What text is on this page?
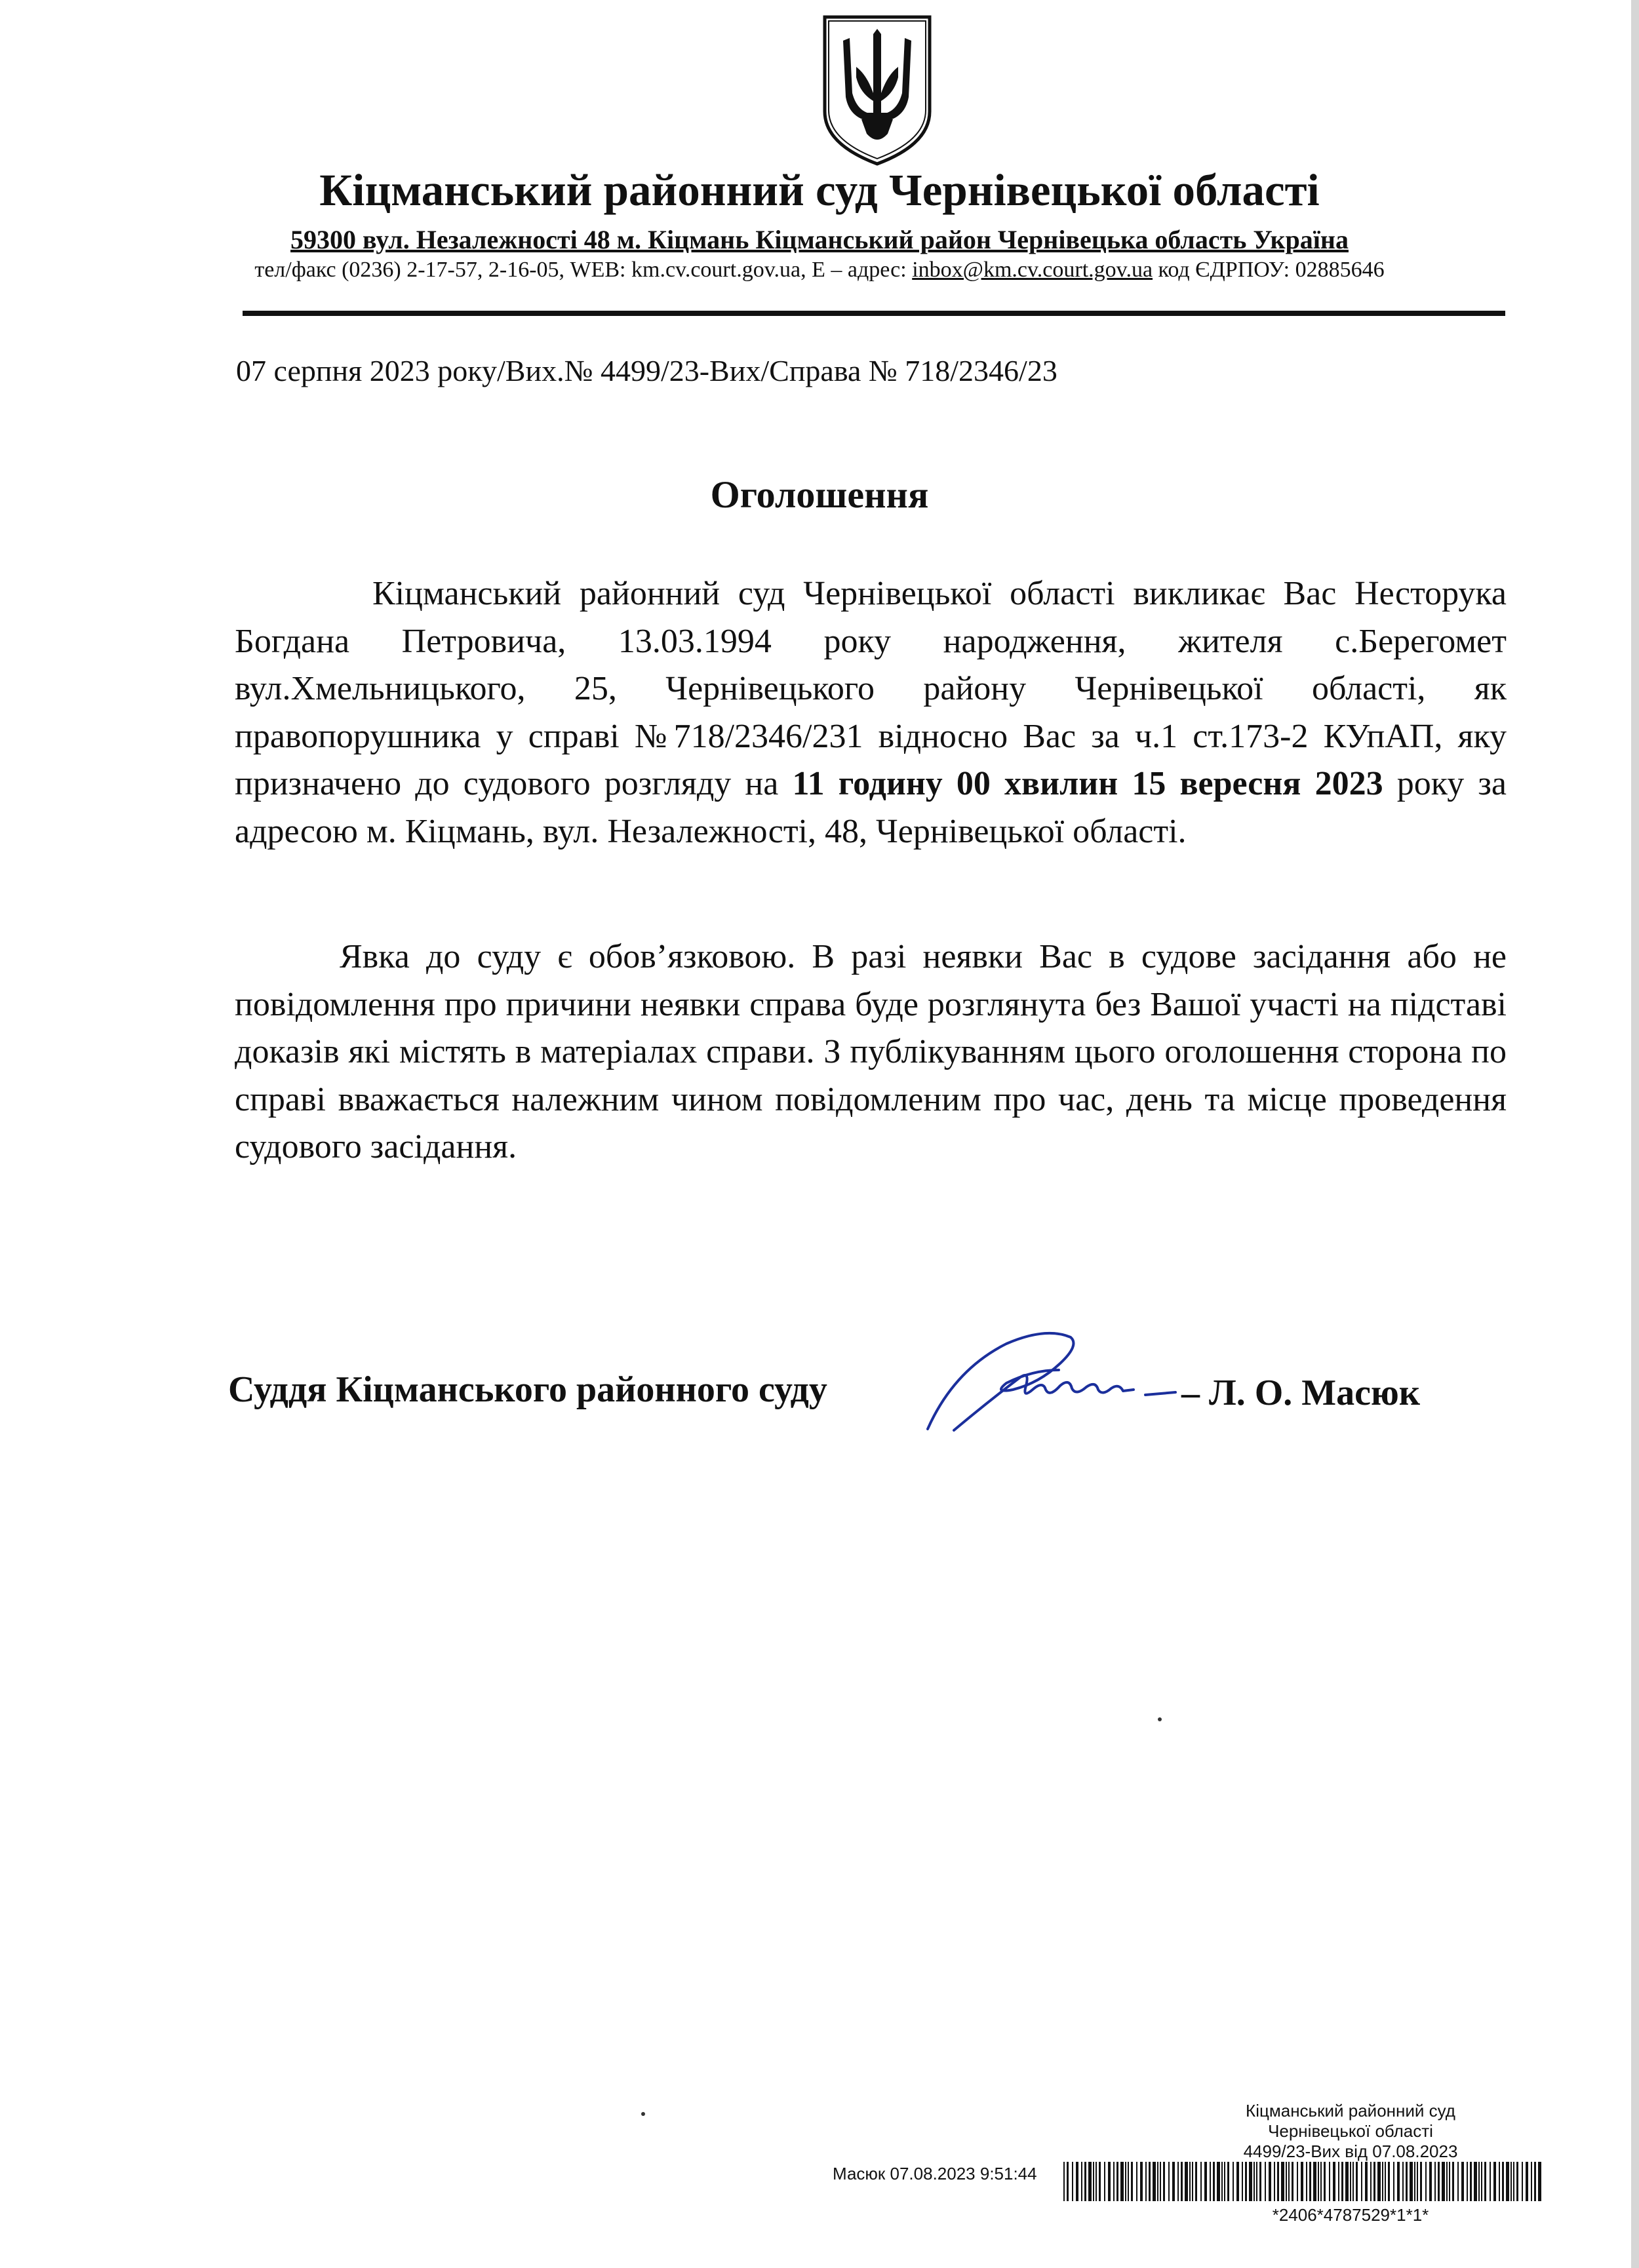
Кіцманський районний суд Чернівецької області
59300 вул. Незалежності 48 м. Кіцмань Кіцманський район Чернівецька область Україна
тел/факс (0236) 2-17-57, 2-16-05, WEB: km.cv.court.gov.ua, E – адрес: inbox@km.cv.court.gov.ua код ЄДРПОУ: 02885646
07 серпня 2023 року/Вих.№ 4499/23-Вих/Справа № 718/2346/23
Оголошення
Кіцманський районний суд Чернівецької області викликає Вас Несторука Богдана Петровича, 13.03.1994 року народження, жителя с.Берегомет вул.Хмельницького, 25, Чернівецького району Чернівецької області, як правопорушника у справі №718/2346/231 відносно Вас за ч.1 ст.173-2 КУпАП, яку призначено до судового розгляду на 11 годину 00 хвилин 15 вересня 2023 року за адресою м. Кіцмань, вул. Незалежності, 48, Чернівецької області.
Явка до суду є обов’язковою. В разі неявки Вас в судове засідання або не повідомлення про причини неявки справа буде розглянута без Вашої участі на підставі доказів які містять в матеріалах справи. З публікуванням цього оголошення сторона по справі вважається належним чином повідомленим про час, день та місце проведення судового засідання.
Суддя Кіцманського районного суду	– Л. О. Масюк
Кіцманський районний суд
Чернівецької області
4499/23-Вих від 07.08.2023
Масюк 07.08.2023 9:51:44
*2406*4787529*1*1*
